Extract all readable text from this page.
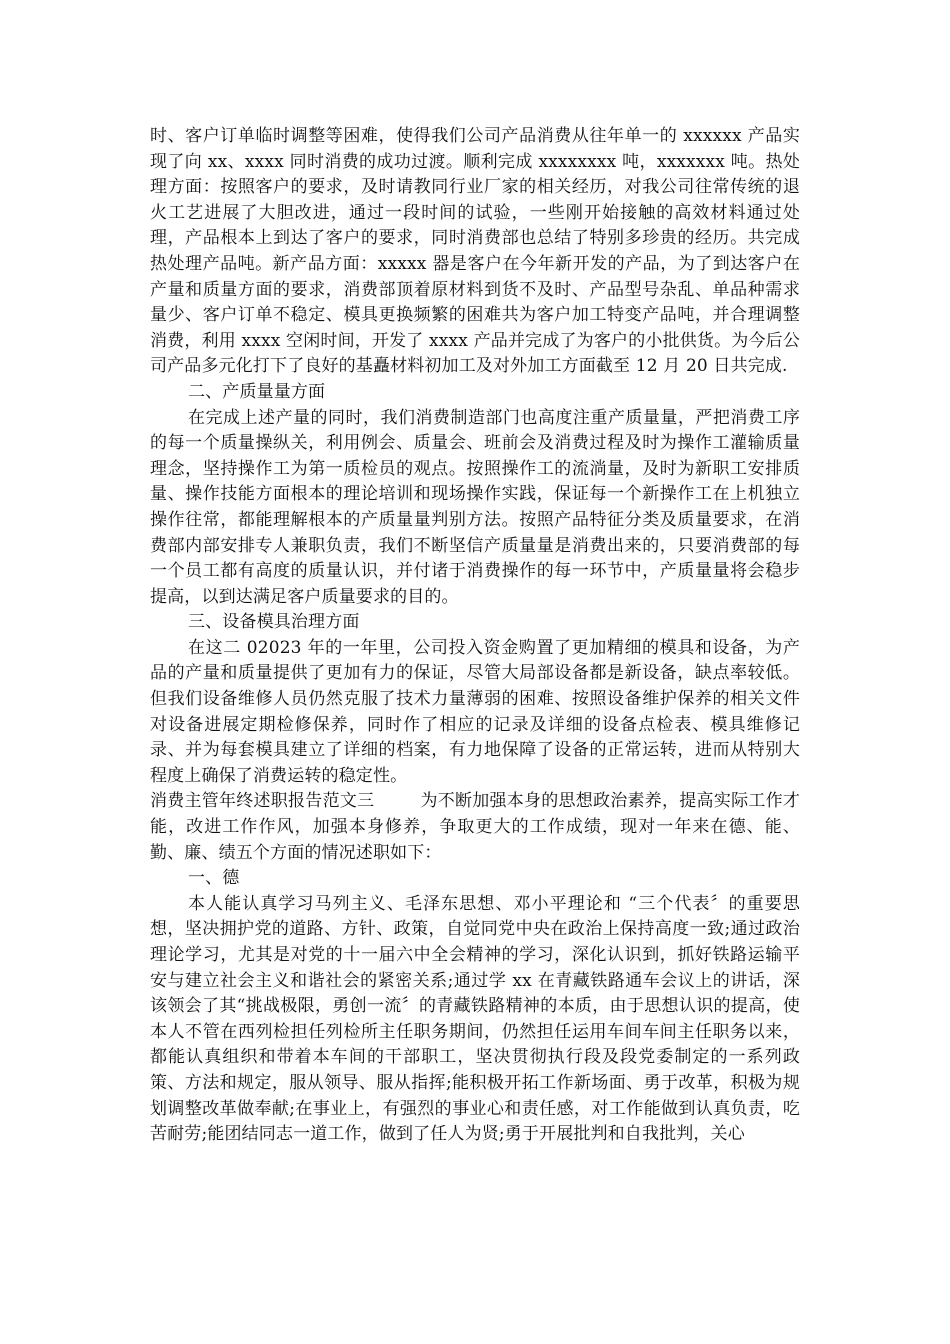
时、客户订单临时调整等困难，使得我们公司产品消费从往年单一的 xxxxxx 产品实现了向 xx、xxxx 同时消费的成功过渡。顺利完成 xxxxxxxx 吨，xxxxxxx 吨。热处理方面：按照客户的要求，及时请教同行业厂家的相关经历，对我公司往常传统的退火工艺进展了大胆改进，通过一段时间的试验，一些刚开始接触的高效材料通过处理，产品根本上到达了客户的要求，同时消费部也总结了特别多珍贵的经历。共完成热处理产品吨。新产品方面：xxxxx 器是客户在今年新开发的产品，为了到达客户在产量和质量方面的要求，消费部顶着原材料到货不及时、产品型号杂乱、单品种需求量少、客户订单不稳定、模具更换频繁的困难共为客户加工特变产品吨，并合理调整消费，利用 xxxx 空闲时间，开发了 xxxx 产品并完成了为客户的小批供货。为今后公司产品多元化打下了良好的基矗材料初加工及对外加工方面截至 12 月 20 日共完成.

二、产质量量方面

在完成上述产量的同时，我们消费制造部门也高度注重产质量量，严把消费工序的每一个质量操纵关，利用例会、质量会、班前会及消费过程及时为操作工灌输质量理念，坚持操作工为第一质检员的观点。按照操作工的流淌量，及时为新职工安排质量、操作技能方面根本的理论培训和现场操作实践，保证每一个新操作工在上机独立操作往常，都能理解根本的产质量量判别方法。按照产品特征分类及质量要求，在消费部内部安排专人兼职负责，我们不断坚信产质量量是消费出来的，只要消费部的每一个员工都有高度的质量认识，并付诸于消费操作的每一环节中，产质量量将会稳步提高，以到达满足客户质量要求的目的。

三、设备模具治理方面

在这二 02023 年的一年里，公司投入资金购置了更加精细的模具和设备，为产品的产量和质量提供了更加有力的保证，尽管大局部设备都是新设备，缺点率较低。但我们设备维修人员仍然克服了技术力量薄弱的困难、按照设备维护保养的相关文件对设备进展定期检修保养，同时作了相应的记录及详细的设备点检表、模具维修记录、并为每套模具建立了详细的档案，有力地保障了设备的正常运转，进而从特别大程度上确保了消费运转的稳定性。

消费主管年终述职报告范文三	为不断加强本身的思想政治素养，提高实际工作才能，改进工作作风，加强本身修养，争取更大的工作成绩，现对一年来在德、能、勤、廉、绩五个方面的情况述职如下：

一、德

本人能认真学习马列主义、毛泽东思想、邓小平理论和 “三个代表〞的重要思想，坚决拥护党的道路、方针、政策，自觉同党中央在政治上保持高度一致;通过政治理论学习，尤其是对党的十一届六中全会精神的学习，深化认识到，抓好铁路运输平安与建立社会主义和谐社会的紧密关系;通过学 xx 在青藏铁路通车会议上的讲话，深该领会了其“挑战极限，勇创一流〞的青藏铁路精神的本质，由于思想认识的提高，使本人不管在西列检担任列检所主任职务期间，仍然担任运用车间车间主任职务以来，都能认真组织和带着本车间的干部职工，坚决贯彻执行段及段党委制定的一系列政策、方法和规定，服从领导、服从指挥;能积极开拓工作新场面、勇于改革，积极为规划调整改革做奉献;在事业上，有强烈的事业心和责任感，对工作能做到认真负责，吃苦耐劳;能团结同志一道工作，做到了任人为贤;勇于开展批判和自我批判，关心
